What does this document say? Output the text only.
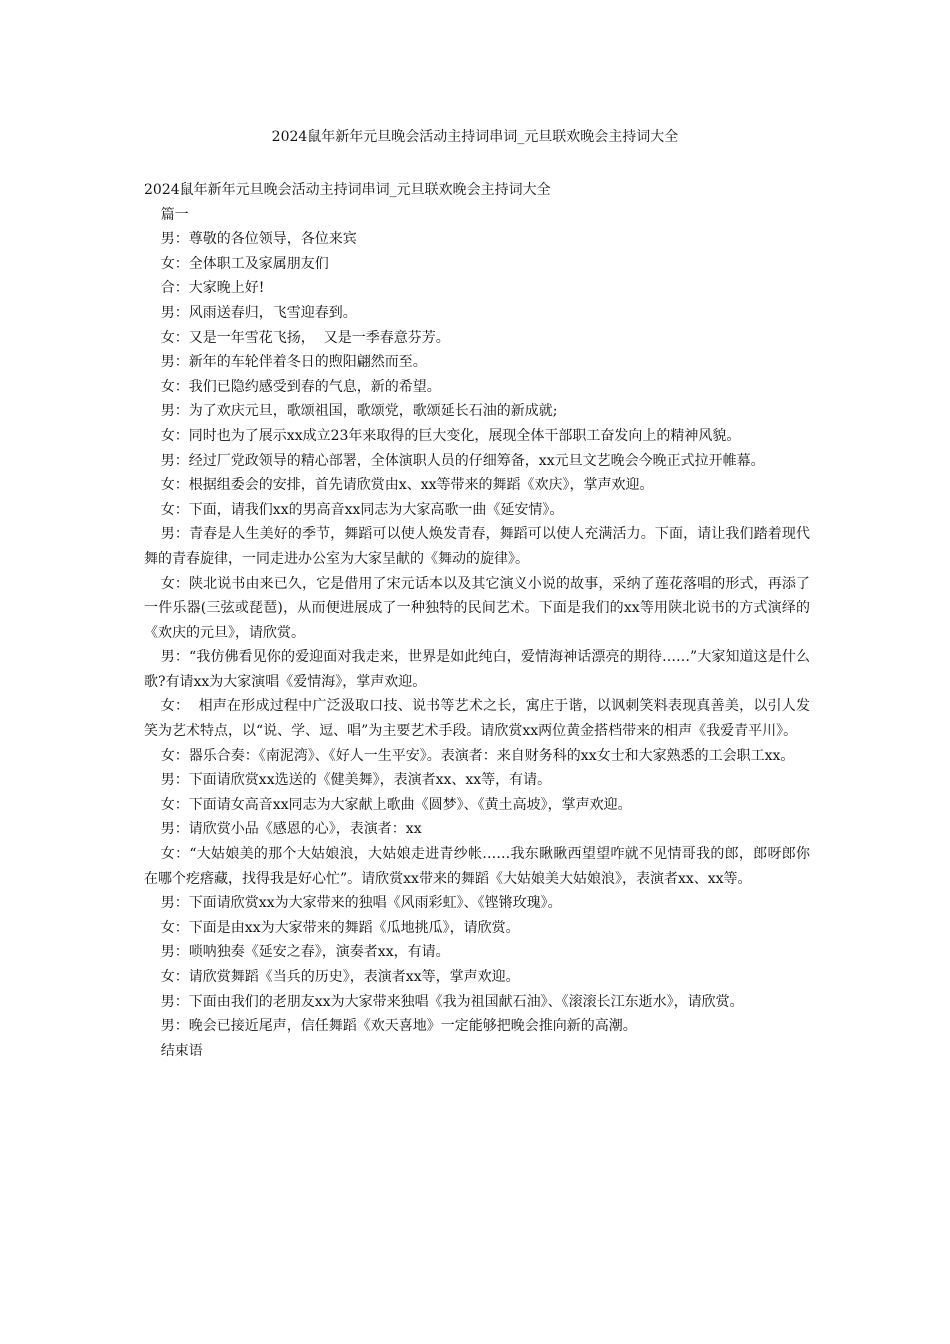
2024鼠年新年元旦晚会活动主持词串词_元旦联欢晚会主持词大全
2024鼠年新年元旦晚会活动主持词串词_元旦联欢晚会主持词大全

篇一

男：尊敬的各位领导，各位来宾

女：全体职工及家属朋友们

合：大家晚上好!

男：风雨送春归，飞雪迎春到。

女：又是一年雪花飞扬，  又是一季春意芬芳。

男：新年的车轮伴着冬日的煦阳翩然而至。

女：我们已隐约感受到春的气息，新的希望。

男：为了欢庆元旦，歌颂祖国，歌颂党，歌颂延长石油的新成就;

女：同时也为了展示xx成立23年来取得的巨大变化，展现全体干部职工奋发向上的精神风貌。

男：经过厂党政领导的精心部署，全体演职人员的仔细筹备，xx元旦文艺晚会今晚正式拉开帷幕。

女：根据组委会的安排，首先请欣赏由x、xx等带来的舞蹈《欢庆》，掌声欢迎。

女：下面，请我们xx的男高音xx同志为大家高歌一曲《延安情》。

男：青春是人生美好的季节，舞蹈可以使人焕发青春，舞蹈可以使人充满活力。下面，请让我们踏着现代舞的青春旋律，一同走进办公室为大家呈献的《舞动的旋律》。

女：陕北说书由来已久，它是借用了宋元话本以及其它演义小说的故事，采纳了莲花落唱的形式，再添了一件乐器(三弦或琵琶)，从而便进展成了一种独特的民间艺术。下面是我们的xx等用陕北说书的方式演绎的《欢庆的元旦》，请欣赏。

男：“我仿佛看见你的爱迎面对我走来，世界是如此纯白，爱情海神话漂亮的期待……”大家知道这是什么歌?有请xx为大家演唱《爱情海》，掌声欢迎。

女：  相声在形成过程中广泛汲取口技、说书等艺术之长，寓庄于谐，以讽刺笑料表现真善美，以引人发笑为艺术特点，以“说、学、逗、唱”为主要艺术手段。请欣赏xx两位黄金搭档带来的相声《我爱青平川》。

女：器乐合奏：《南泥湾》、《好人一生平安》。表演者：来自财务科的xx女士和大家熟悉的工会职工xx。

男：下面请欣赏xx选送的《健美舞》，表演者xx、xx等，有请。

女：下面请女高音xx同志为大家献上歌曲《圆梦》、《黄土高坡》，掌声欢迎。

男：请欣赏小品《感恩的心》，表演者：xx

女：“大姑娘美的那个大姑娘浪，大姑娘走进青纱帐……我东瞅瞅西望望咋就不见情哥我的郎，郎呀郎你在哪个疙瘩藏，找得我是好心忙”。请欣赏xx带来的舞蹈《大姑娘美大姑娘浪》，表演者xx、xx等。

男：下面请欣赏xx为大家带来的独唱《风雨彩虹》、《铿锵玫瑰》。

女：下面是由xx为大家带来的舞蹈《瓜地挑瓜》，请欣赏。

男：唢呐独奏《延安之春》，演奏者xx，有请。

女：请欣赏舞蹈《当兵的历史》，表演者xx等，掌声欢迎。

男：下面由我们的老朋友xx为大家带来独唱《我为祖国献石油》、《滚滚长江东逝水》，请欣赏。

男：晚会已接近尾声，信任舞蹈《欢天喜地》一定能够把晚会推向新的高潮。

结束语
